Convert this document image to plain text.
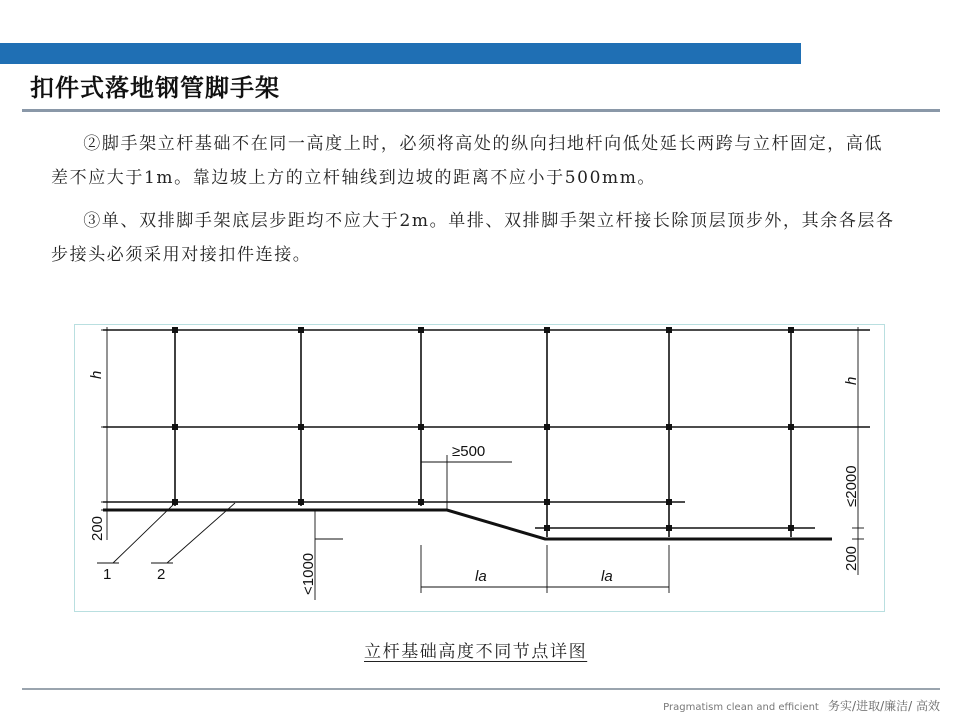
扣件式落地钢管脚手架
②脚手架立杆基础不在同一高度上时，必须将高处的纵向扫地杆向低处延长两跨与立杆固定，高低差不应大于1m。靠边坡上方的立杆轴线到边坡的距离不应小于500mm。
③单、双排脚手架底层步距均不应大于2m。单排、双排脚手架立杆接长除顶层顶步外，其余各层各步接头必须采用对接扣件连接。
h
200
<1000
≥500
h
≤2000
200
la	la
1	2
立杆基础高度不同节点详图
Pragmatism clean and efficient 务实/进取/廉洁/ 高效
